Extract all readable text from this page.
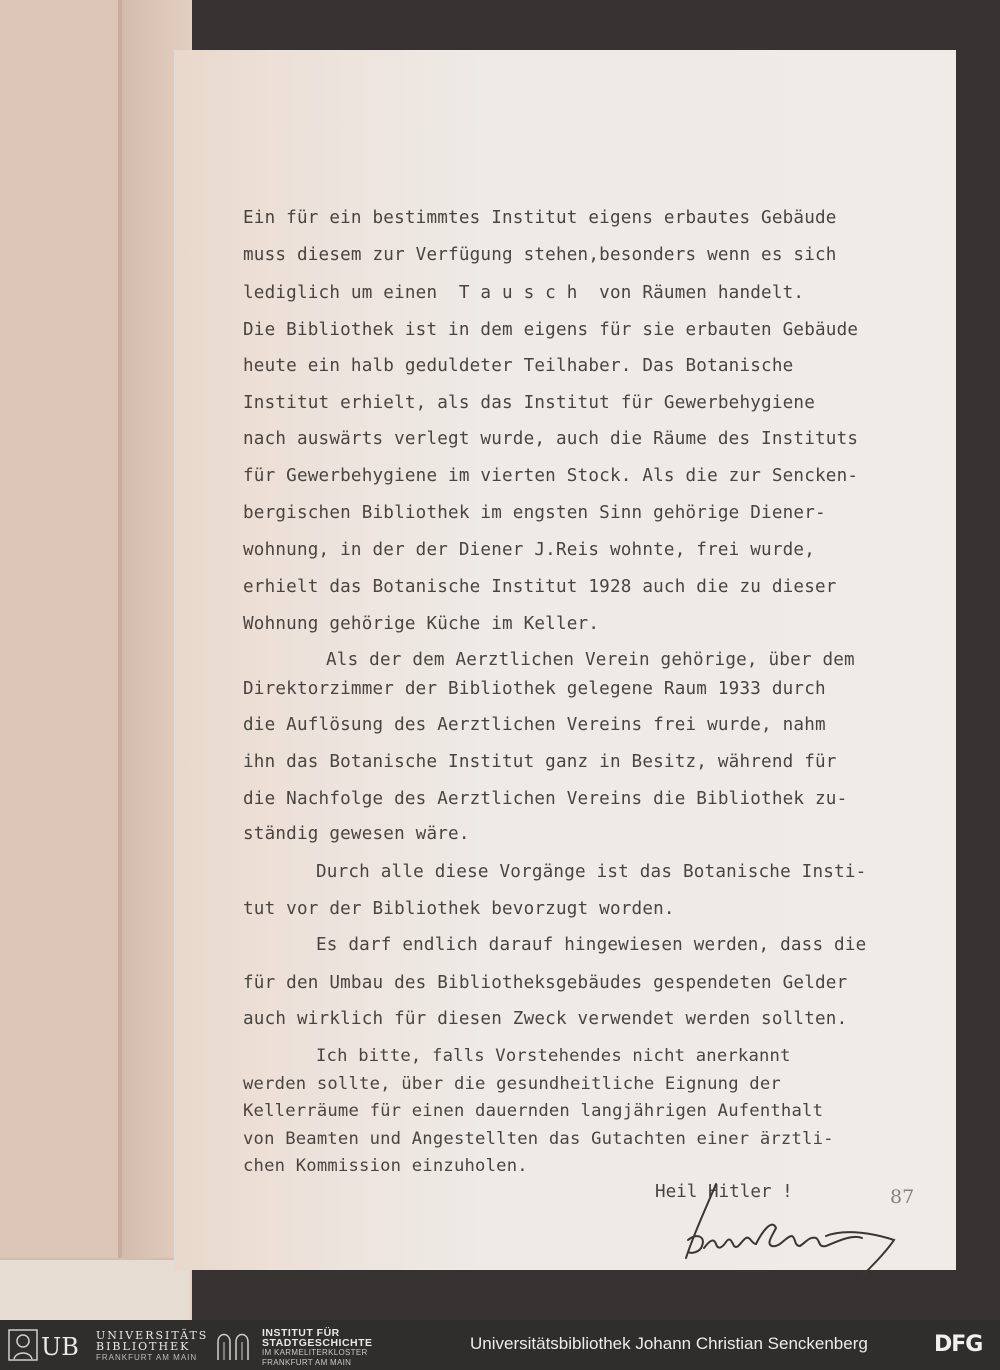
Ein für ein bestimmtes Institut eigens erbautes Gebäude
muss diesem zur Verfügung stehen,besonders wenn es sich
lediglich um einen  T a u s c h  von Räumen handelt.
Die Bibliothek ist in dem eigens für sie erbauten Gebäude
heute ein halb geduldeter Teilhaber. Das Botanische
Institut erhielt, als das Institut für Gewerbehygiene
nach auswärts verlegt wurde, auch die Räume des Instituts
für Gewerbehygiene im vierten Stock. Als die zur Sencken-
bergischen Bibliothek im engsten Sinn gehörige Diener-
wohnung, in der der Diener J.Reis wohnte, frei wurde,
erhielt das Botanische Institut 1928 auch die zu dieser
Wohnung gehörige Küche im Keller.
Als der dem Aerztlichen Verein gehörige, über dem
Direktorzimmer der Bibliothek gelegene Raum 1933 durch
die Auflösung des Aerztlichen Vereins frei wurde, nahm
ihn das Botanische Institut ganz in Besitz, während für
die Nachfolge des Aerztlichen Vereins die Bibliothek zu-
ständig gewesen wäre.
Durch alle diese Vorgänge ist das Botanische Insti-
tut vor der Bibliothek bevorzugt worden.
Es darf endlich darauf hingewiesen werden, dass die
für den Umbau des Bibliotheksgebäudes gespendeten Gelder
auch wirklich für diesen Zweck verwendet werden sollten.
Ich bitte, falls Vorstehendes nicht anerkannt
werden sollte, über die gesundheitliche Eignung der
Kellerräume für einen dauernden langjährigen Aufenthalt
von Beamten und Angestellten das Gutachten einer ärztli-
chen Kommission einzuholen.
Heil Hitler !	87
UB UNIVERSITÄTS
BIBLIOTHEK
FRANKFURT AM MAIN
INSTITUT FÜR
STADTGESCHICHTE
IM KARMELITERKLOSTER
FRANKFURT AM MAIN
Universitätsbibliothek Johann Christian Senckenberg	DFG
